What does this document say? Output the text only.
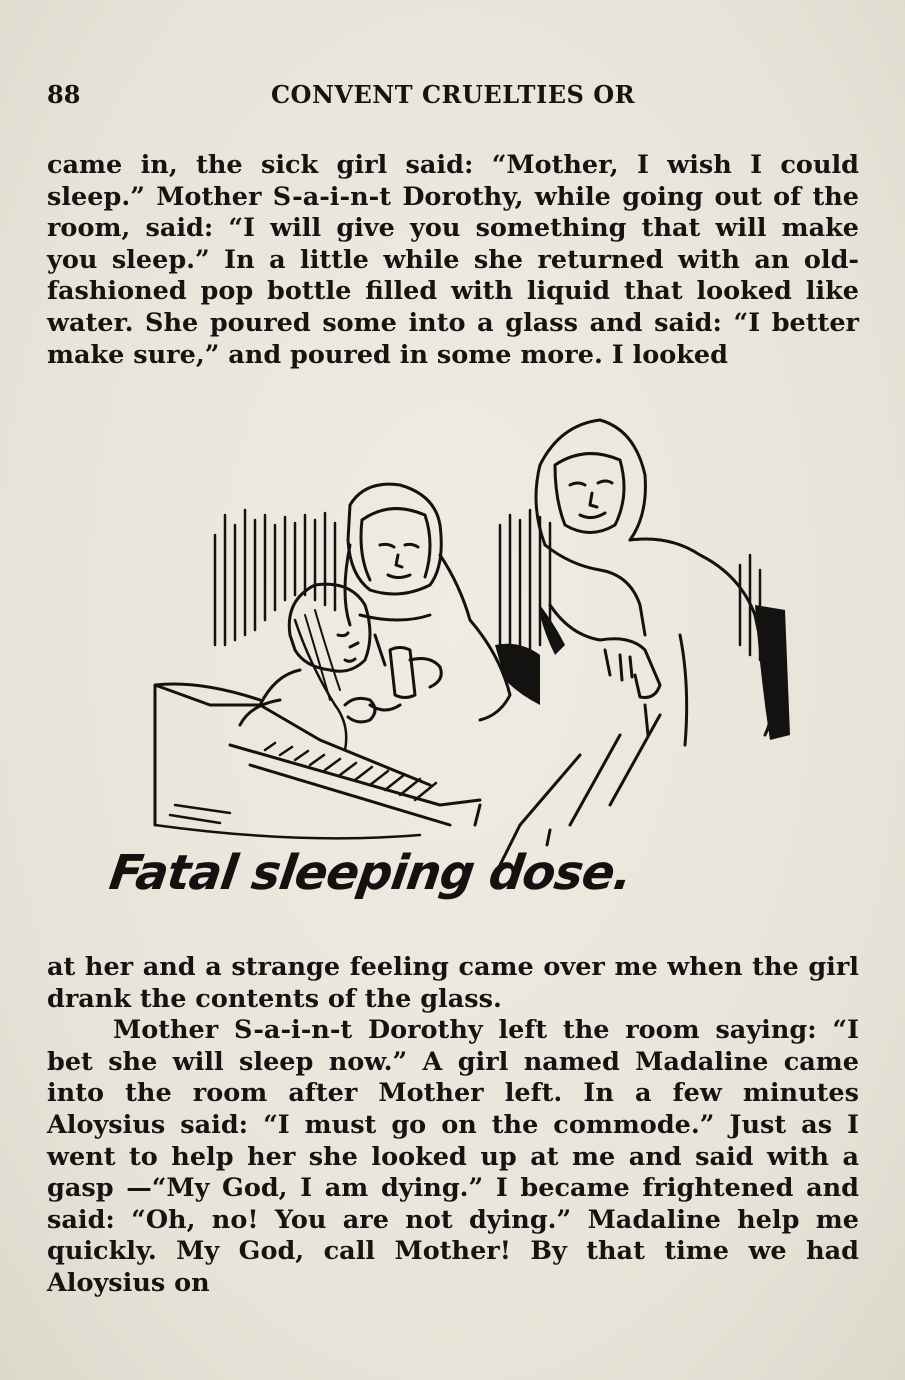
88	CONVENT CRUELTIES OR

came in, the sick girl said: “Mother, I wish I could sleep.” Mother S-a-i-n-t Dorothy, while going out of the room, said: “I will give you something that will make you sleep.” In a little while she returned with an old-fashioned pop bottle filled with liquid that looked like water. She poured some into a glass and said: “I better make sure,” and poured in some more. I looked

Fatal sleeping dose.

at her and a strange feeling came over me when the girl drank the contents of the glass.

Mother S-a-i-n-t Dorothy left the room saying: “I bet she will sleep now.” A girl named Madaline came into the room after Mother left. In a few minutes Aloysius said: “I must go on the commode.” Just as I went to help her she looked up at me and said with a gasp —“My God, I am dying.” I became frightened and said: “Oh, no! You are not dying.” Madaline help me quickly. My God, call Mother! By that time we had Aloysius on
